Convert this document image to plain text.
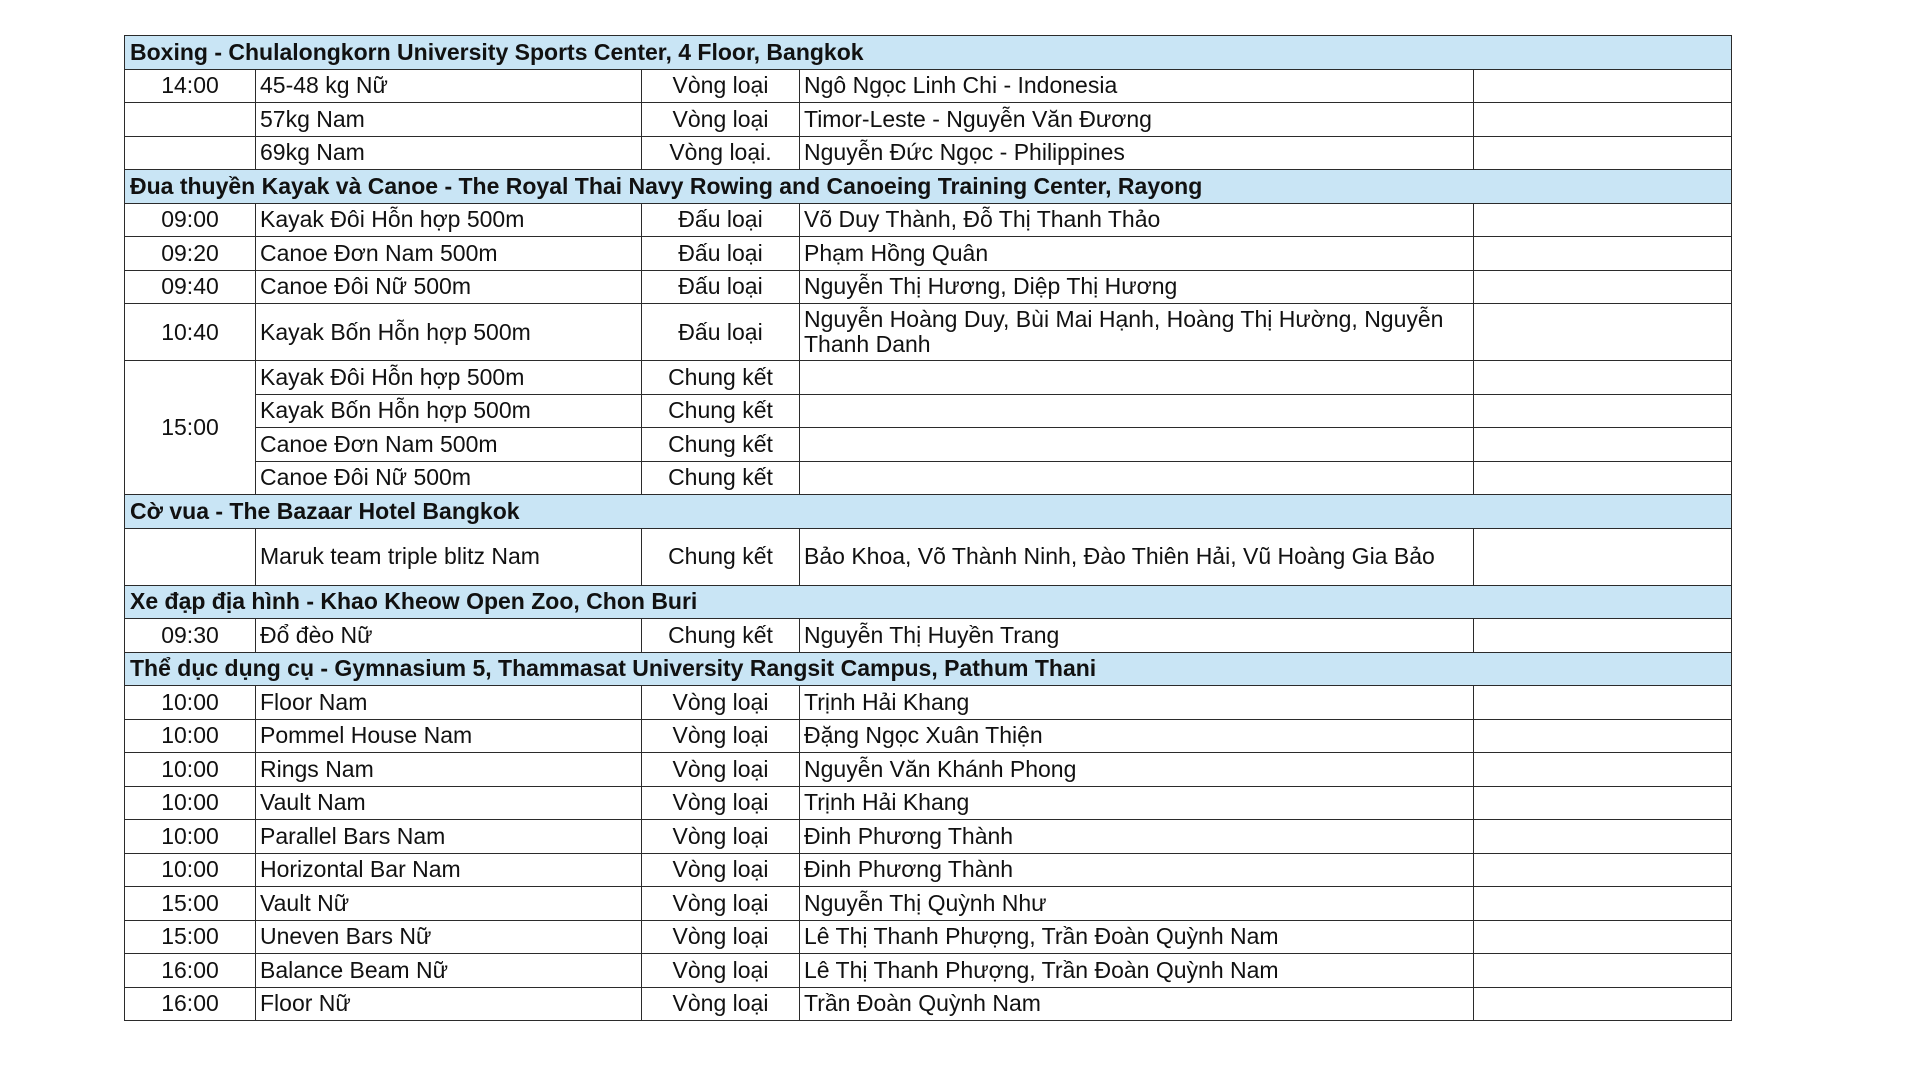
Boxing - Chulalongkorn University Sports Center, 4 Floor, Bangkok				
14:00	45-48 kg Nữ	Vòng loại	Ngô Ngọc Linh Chi - Indonesia	
	57kg Nam	Vòng loại	Timor-Leste - Nguyễn Văn Đương	
	69kg Nam	Vòng loại.	Nguyễn Đức Ngọc - Philippines	
Đua thuyền Kayak và Canoe - The Royal Thai Navy Rowing and Canoeing Training Center, Rayong				
09:00	Kayak Đôi Hỗn hợp 500m	Đấu loại	Võ Duy Thành, Đỗ Thị Thanh Thảo	
09:20	Canoe Đơn Nam 500m	Đấu loại	Phạm Hồng Quân	
09:40	Canoe Đôi Nữ 500m	Đấu loại	Nguyễn Thị Hương, Diệp Thị Hương	
10:40	Kayak Bốn Hỗn hợp 500m	Đấu loại	Nguyễn Hoàng Duy, Bùi Mai Hạnh, Hoàng Thị Hường, Nguyễn Thanh Danh	
15:00	Kayak Đôi Hỗn hợp 500m	Chung kết		
	Kayak Bốn Hỗn hợp 500m	Chung kết		
	Canoe Đơn Nam 500m	Chung kết		
	Canoe Đôi Nữ 500m	Chung kết		
Cờ vua - The Bazaar Hotel Bangkok				
	Maruk team triple blitz Nam	Chung kết	Bảo Khoa, Võ Thành Ninh, Đào Thiên Hải, Vũ Hoàng Gia Bảo	
Xe đạp địa hình - Khao Kheow Open Zoo, Chon Buri				
09:30	Đổ đèo Nữ	Chung kết	Nguyễn Thị Huyền Trang	
Thể dục dụng cụ - Gymnasium 5, Thammasat University Rangsit Campus, Pathum Thani				
10:00	Floor Nam	Vòng loại	Trịnh Hải Khang	
10:00	Pommel House Nam	Vòng loại	Đặng Ngọc Xuân Thiện	
10:00	Rings Nam	Vòng loại	Nguyễn Văn Khánh Phong	
10:00	Vault Nam	Vòng loại	Trịnh Hải Khang	
10:00	Parallel Bars Nam	Vòng loại	Đinh Phương Thành	
10:00	Horizontal Bar Nam	Vòng loại	Đinh Phương Thành	
15:00	Vault Nữ	Vòng loại	Nguyễn Thị Quỳnh Như	
15:00	Uneven Bars Nữ	Vòng loại	Lê Thị Thanh Phượng, Trần Đoàn Quỳnh Nam	
16:00	Balance Beam Nữ	Vòng loại	Lê Thị Thanh Phượng, Trần Đoàn Quỳnh Nam	
16:00	Floor Nữ	Vòng loại	Trần Đoàn Quỳnh Nam	
